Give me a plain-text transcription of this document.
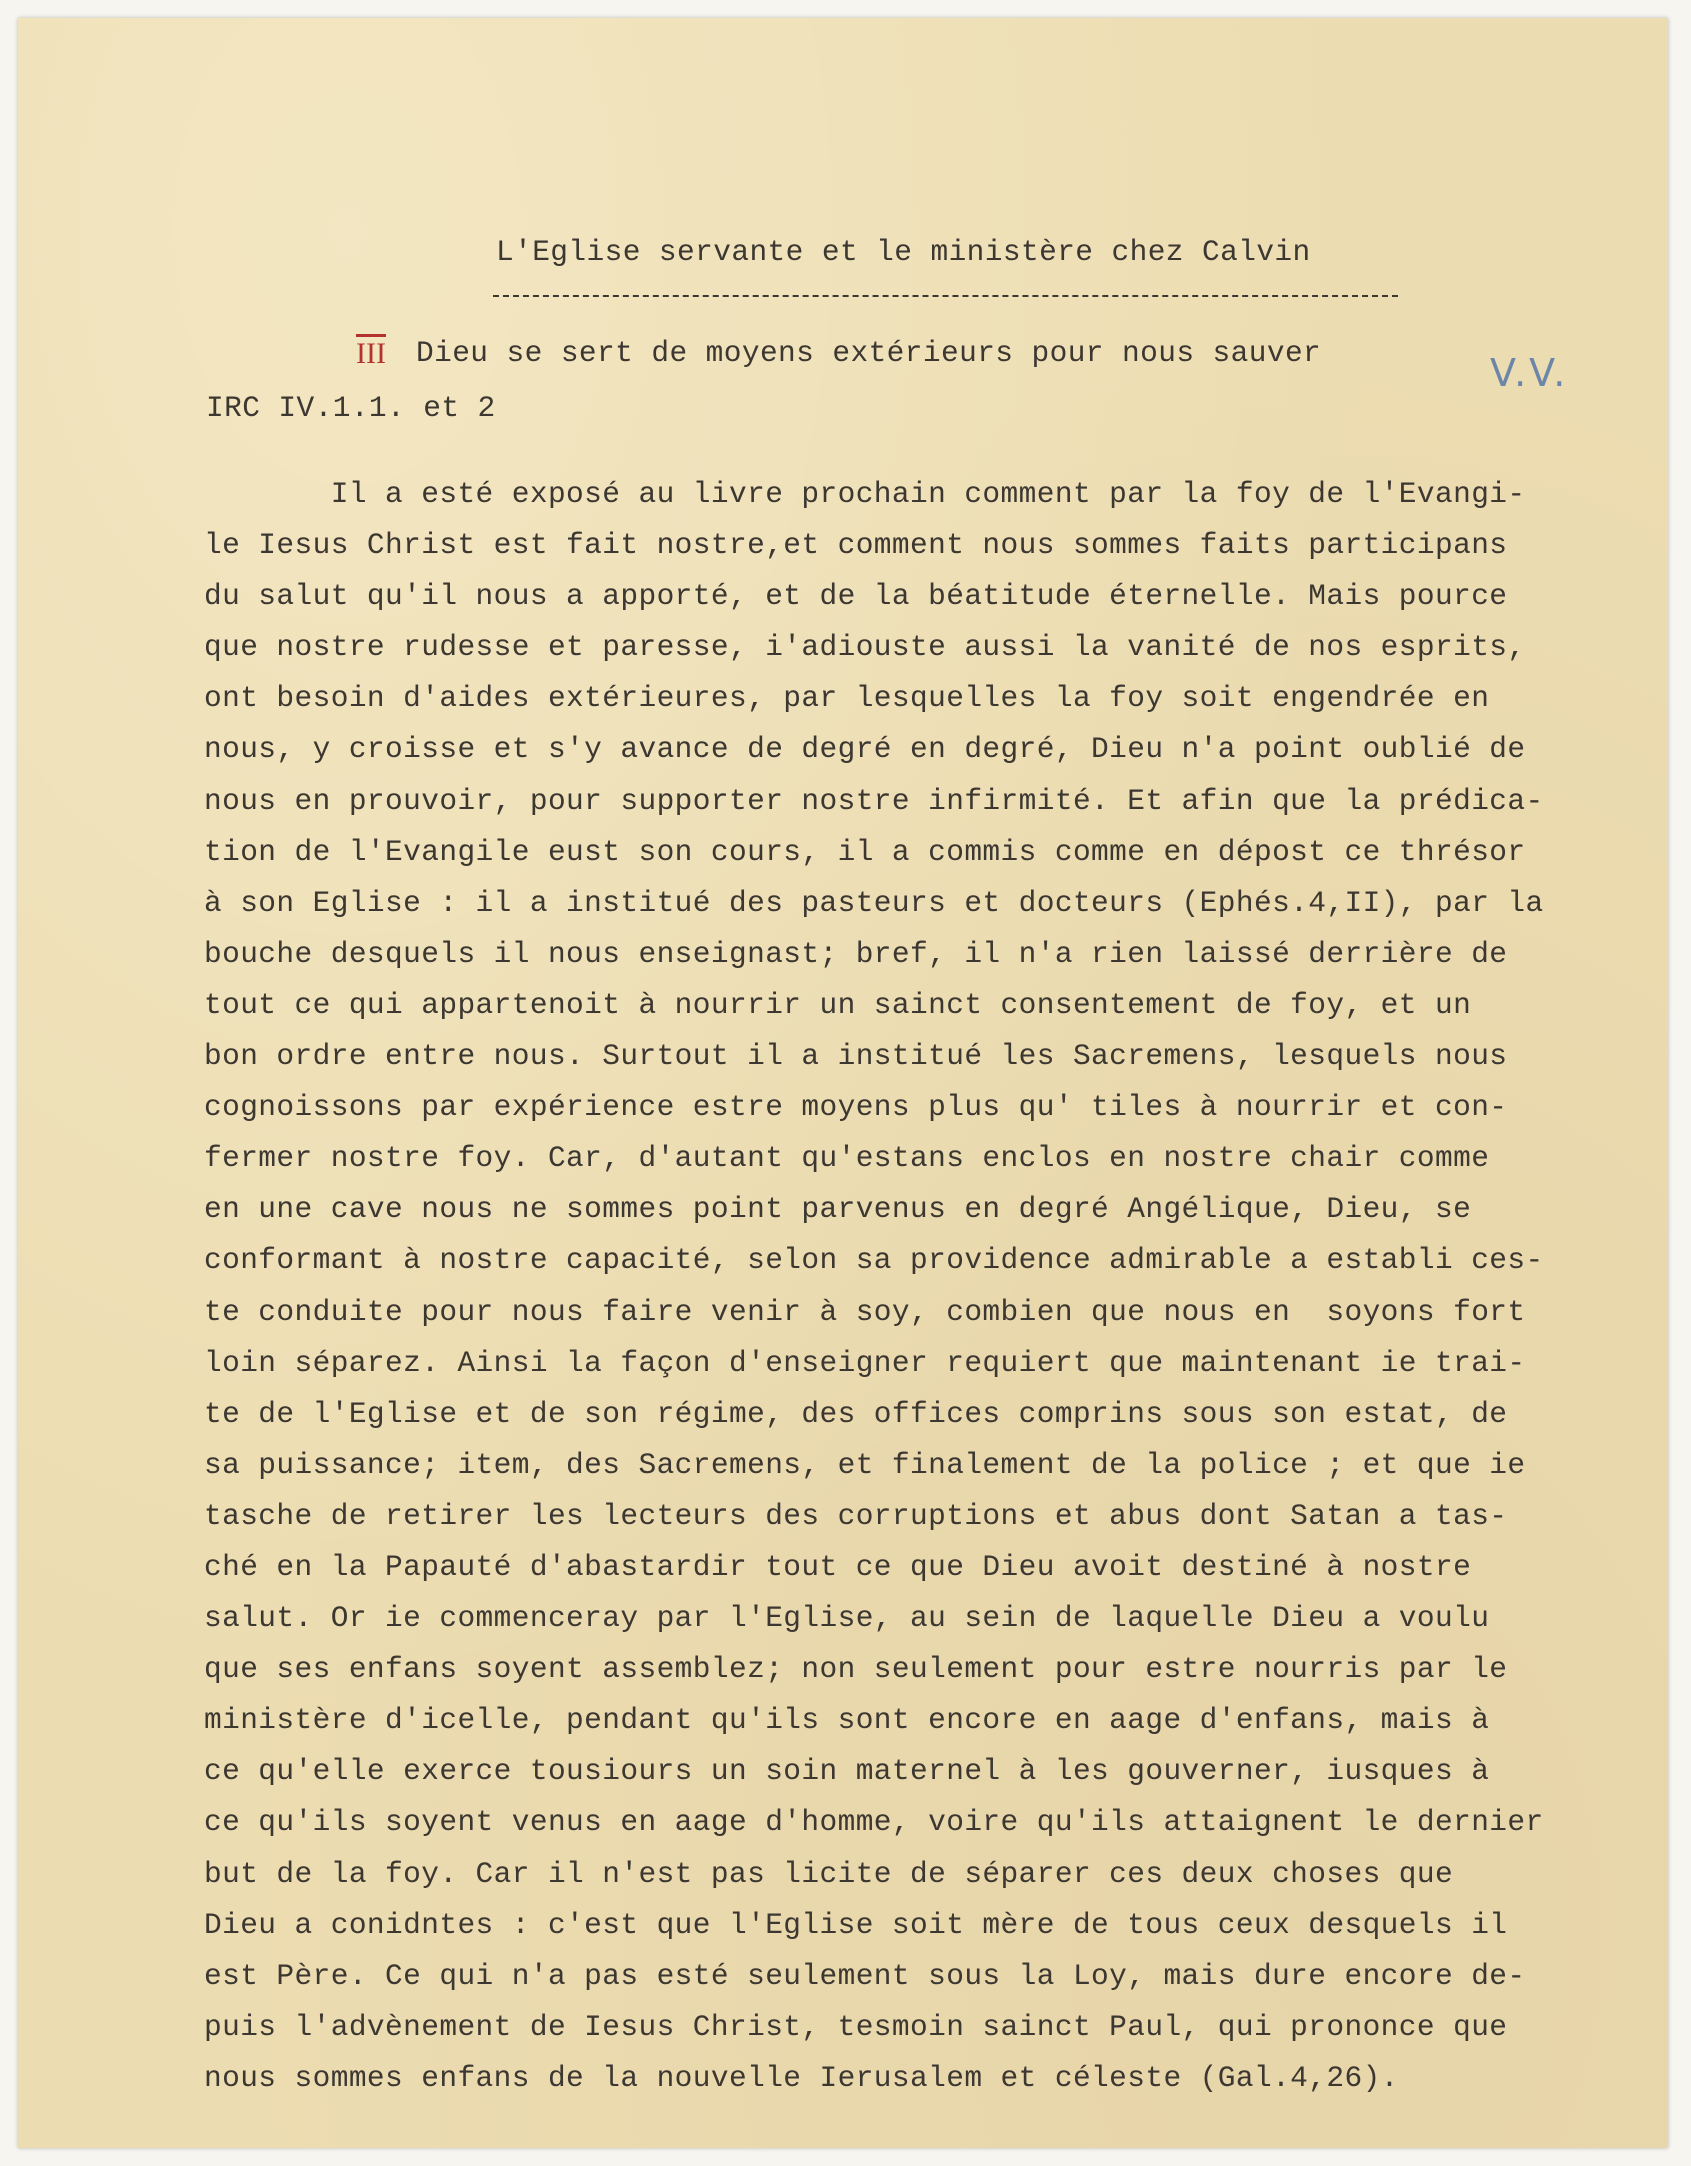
L'Eglise servante et le ministère chez Calvin
$\overline{III}$ Dieu se sert de moyens extérieurs pour nous sauver
IRC IV.1.1. et 2
V.V.
Il a esté exposé au livre prochain comment par la foy de l'Evangi-
le Iesus Christ est fait nostre,et comment nous sommes faits participans
du salut qu'il nous a apporté, et de la béatitude éternelle. Mais pource
que nostre rudesse et paresse, i'adiouste aussi la vanité de nos esprits,
ont besoin d'aides extérieures, par lesquelles la foy soit engendrée en
nous, y croisse et s'y avance de degré en degré, Dieu n'a point oublié de
nous en prouvoir, pour supporter nostre infirmité. Et afin que la prédica-
tion de l'Evangile eust son cours, il a commis comme en dépost ce thrésor
à son Eglise : il a institué des pasteurs et docteurs (Ephés.4,II), par la
bouche desquels il nous enseignast; bref, il n'a rien laissé derrière de
tout ce qui appartenoit à nourrir un sainct consentement de foy, et un
bon ordre entre nous. Surtout il a institué les Sacremens, lesquels nous
cognoissons par expérience estre moyens plus qu' tiles à nourrir et con-
fermer nostre foy. Car, d'autant qu'estans enclos en nostre chair comme
en une cave nous ne sommes point parvenus en degré Angélique, Dieu, se
conformant à nostre capacité, selon sa providence admirable a establi ces-
te conduite pour nous faire venir à soy, combien que nous en  soyons fort
loin séparez. Ainsi la façon d'enseigner requiert que maintenant ie trai-
te de l'Eglise et de son régime, des offices comprins sous son estat, de
sa puissance; item, des Sacremens, et finalement de la police ; et que ie
tasche de retirer les lecteurs des corruptions et abus dont Satan a tas-
ché en la Papauté d'abastardir tout ce que Dieu avoit destiné à nostre
salut. Or ie commenceray par l'Eglise, au sein de laquelle Dieu a voulu
que ses enfans soyent assemblez; non seulement pour estre nourris par le
ministère d'icelle, pendant qu'ils sont encore en aage d'enfans, mais à
ce qu'elle exerce tousiours un soin maternel à les gouverner, iusques à
ce qu'ils soyent venus en aage d'homme, voire qu'ils attaignent le dernier
but de la foy. Car il n'est pas licite de séparer ces deux choses que
Dieu a conidntes : c'est que l'Eglise soit mère de tous ceux desquels il
est Père. Ce qui n'a pas esté seulement sous la Loy, mais dure encore de-
puis l'advènement de Iesus Christ, tesmoin sainct Paul, qui prononce que
nous sommes enfans de la nouvelle Ierusalem et céleste (Gal.4,26).
